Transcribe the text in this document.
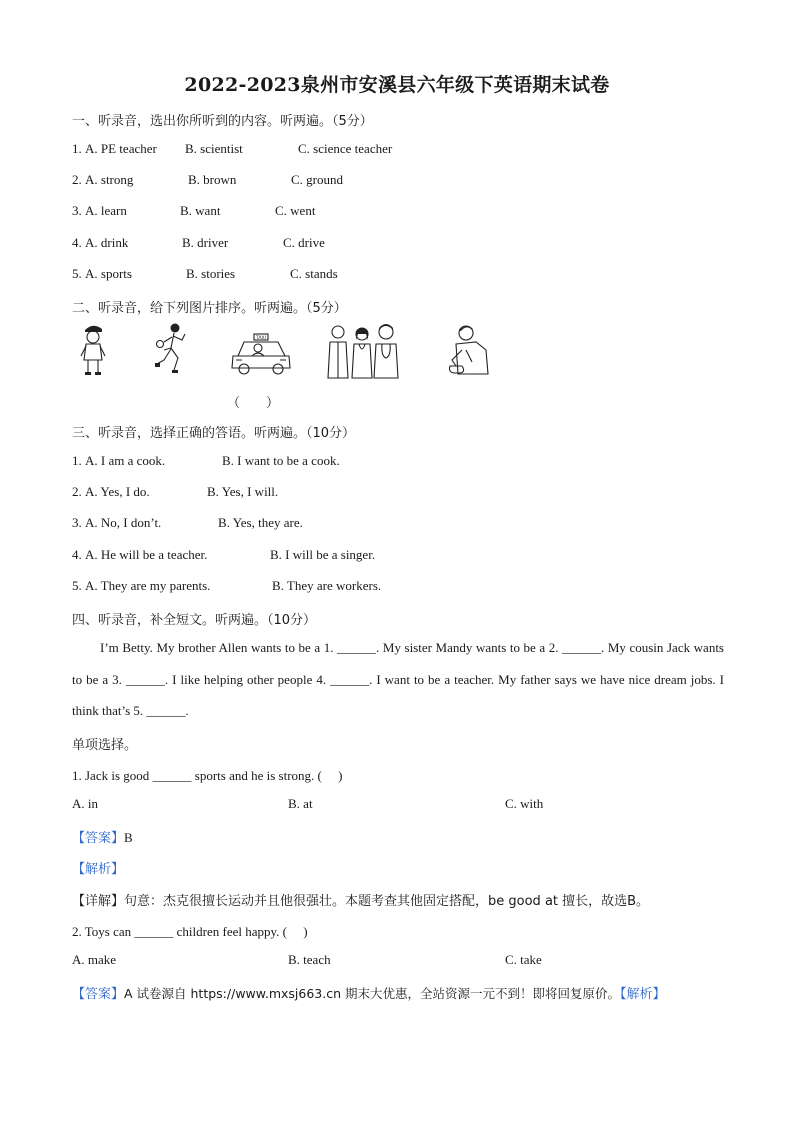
2022-2023泉州市安溪县六年级下英语期末试卷
一、听录音，选出你所听到的内容。听两遍。（5分）
1. A. PE teacher B. scientist	C. science teacher
2. A. strong	B. brown	C. ground
3. A. learn	B. want	C. went
4. A. drink	B. driver	C. drive
5. A. sports	B. stories	C. stands
二、听录音，给下列图片排序。听两遍。（5分）
TAXI
（　　）
三、听录音，选择正确的答语。听两遍。（10分）
1. A. I am a cook.	B. I want to be a cook.
2. A. Yes, I do.	B. Yes, I will.
3. A. No, I don’t.	B. Yes, they are.
4. A. He will be a teacher.	B. I will be a singer.
5. A. They are my parents.	B. They are workers.
四、听录音，补全短文。听两遍。（10分）
I’m Betty. My brother Allen wants to be a 1. ______. My sister Mandy wants to be a 2. ______. My cousin Jack wants to be a 3. ______. I like helping other people 4. ______. I want to be a teacher. My father says we have nice dream jobs. I think that’s 5. ______.
单项选择。
1. Jack is good ______ sports and he is strong. (　 )
A. in	B. at	C. with
【答案】B
【解析】
【详解】句意：杰克很擅长运动并且他很强壮。本题考查其他固定搭配，be good at 擅长，故选B。
2. Toys can ______ children feel happy. (　 )
A. make	B. teach	C. take
【答案】A 试卷源自 https://www.mxsj663.cn 期末大优惠，全站资源一元不到！即将回复原价。【解析】
